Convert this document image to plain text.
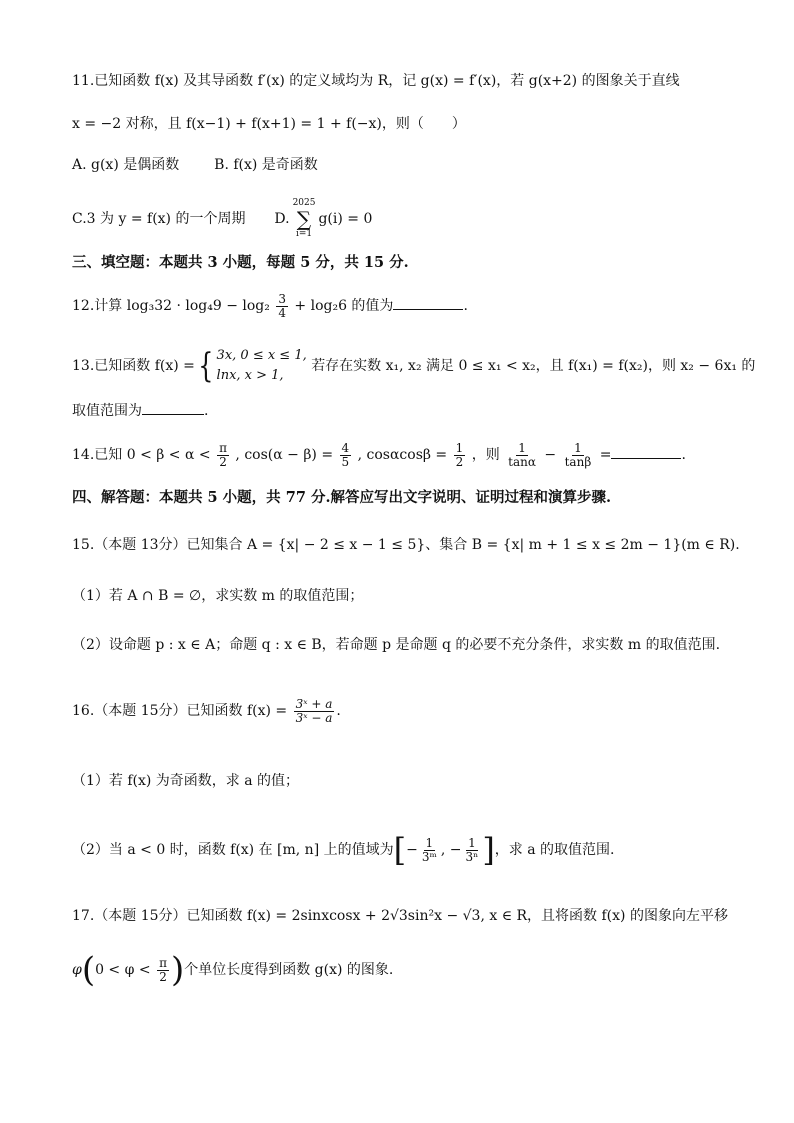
11.已知函数 f(x) 及其导函数 f′(x) 的定义域均为 R，记 g(x) = f′(x)，若 g(x+2) 的图象关于直线
x = −2 对称，且 f(x−1) + f(x+1) = 1 + f(−x)，则（　　）
A. g(x) 是偶函数 B. f(x) 是奇函数
C.3 为 y = f(x) 的一个周期 D.
2025
∑
i=1
g(i) = 0
三、填空题：本题共 3 小题，每题 5 分，共 15 分.
12.计算 $\log_332 \cdot \log_49 - \log_2 \frac{3}{4} + \log_26$ 的值为	.
13.已知函数 f(x) ={ 3x, 0 ≤ x ≤ 1,
lnx, x > 1,
若存在实数 x₁, x₂ 满足 0 ≤ x₁ < x₂，且 f(x₁) = f(x₂)，则 x₂ − 6x₁ 的
取值范围为	.
14.已知 $0 < \beta < \alpha < \frac{\pi}{2}$ , $\cos(\alpha - \beta) = \frac{4}{5}$ , $\cos\alpha\cos\beta = \frac{1}{2}$ ，则 $\frac{1}{\tan\alpha} - \frac{1}{\tan\beta}$ =	.
四、解答题：本题共 5 小题，共 77 分.解答应写出文字说明、证明过程和演算步骤.
15.（本题 13分）已知集合 A = {x| − 2 ≤ x − 1 ≤ 5}、集合 B = {x| m + 1 ≤ x ≤ 2m − 1}(m ∈ R).
（1）若 A ∩ B = ∅，求实数 m 的取值范围；
（2）设命题 p : x ∈ A；命题 q : x ∈ B，若命题 p 是命题 q 的必要不充分条件，求实数 m 的取值范围.
16.（本题 15分）已知函数 $f(x) = \frac{\text{3ˣ + a}}{\text{3ˣ − a}}$ .
（1）若 f(x) 为奇函数，求 a 的值；
（2）当 a < 0 时，函数 f(x) 在 [m, n] 上的值域为[− $\frac{1}{\text{3ᵐ}}$ , − $\frac{1}{\text{3ⁿ}}$ ]，求 a 的取值范围.
17.（本题 15分）已知函数 f(x) = 2sinxcosx + 2√3sin²x − √3, x ∈ R，且将函数 f(x) 的图象向左平移
$\varphi(0 < \varphi < \frac{\pi}{2}$ )个单位长度得到函数 g(x) 的图象.
